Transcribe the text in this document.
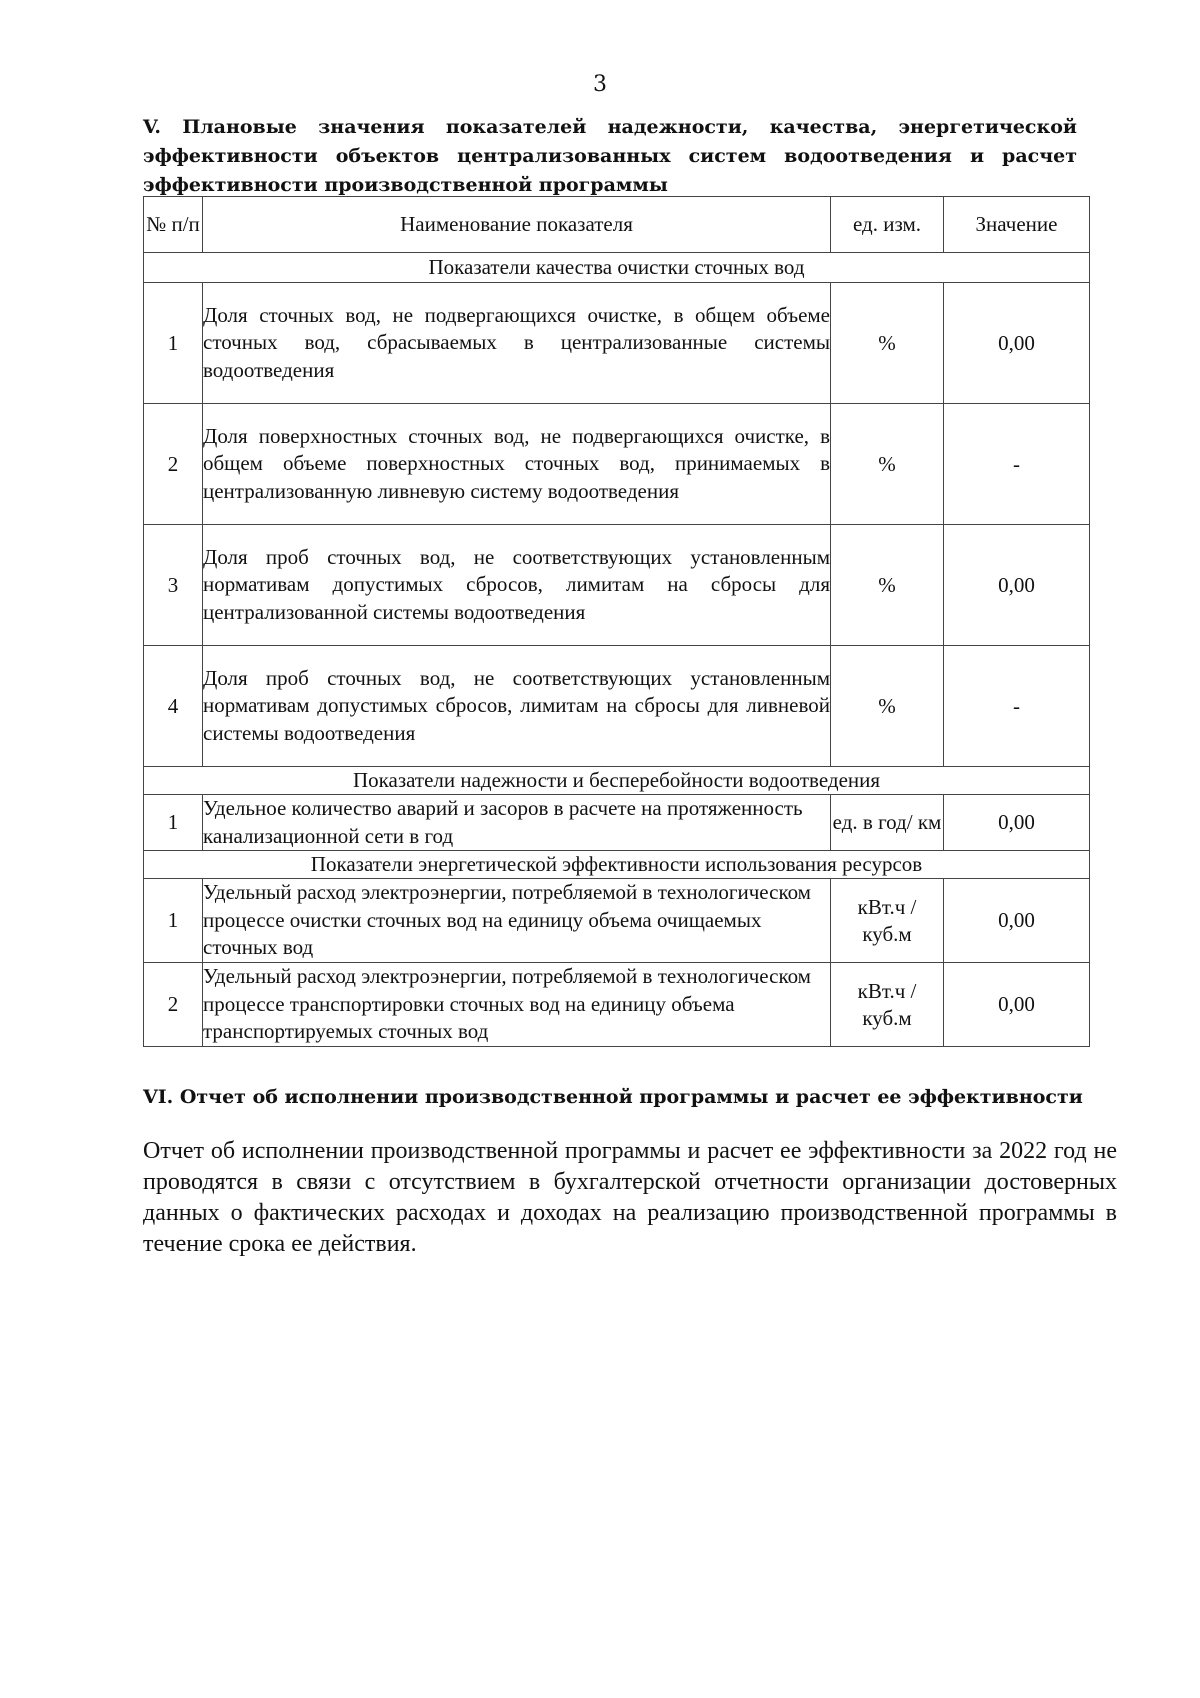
3
V. Плановые значения показателей надежности, качества, энергетической эффективности объектов централизованных систем водоотведения и расчет эффективности производственной программы
№ п/п	Наименование показателя	ед. изм.	Значение
Показатели качества очистки сточных вод			
1	Доля сточных вод, не подвергающихся очистке, в общем объеме сточных вод, сбрасываемых в централизованные системы водоотведения	%	0,00
2	Доля поверхностных сточных вод, не подвергающихся очистке, в общем объеме поверхностных сточных вод, принимаемых в централизованную ливневую систему водоотведения	%	-
3	Доля проб сточных вод, не соответствующих установленным нормативам допустимых сбросов, лимитам на сбросы для централизованной системы водоотведения	%	0,00
4	Доля проб сточных вод, не соответствующих установленным нормативам допустимых сбросов, лимитам на сбросы для ливневой системы водоотведения	%	-
Показатели надежности и бесперебойности водоотведения			
1	Удельное количество аварий и засоров в расчете на протяженность канализационной сети в год	ед. в год/ км	0,00
Показатели энергетической эффективности использования ресурсов			
1	Удельный расход электроэнергии, потребляемой в технологическом процессе очистки сточных вод на единицу объема очищаемых сточных вод	кВт.ч / куб.м	0,00
2	Удельный расход электроэнергии, потребляемой в технологическом процессе транспортировки сточных вод на единицу объема транспортируемых сточных вод	кВт.ч / куб.м	0,00
VI. Отчет об исполнении производственной программы и расчет ее эффективности
Отчет об исполнении производственной программы и расчет ее эффективности за 2022 год не проводятся в связи с отсутствием в бухгалтерской отчетности организации достоверных данных о фактических расходах и доходах на реализацию производственной программы в течение срока ее действия.
